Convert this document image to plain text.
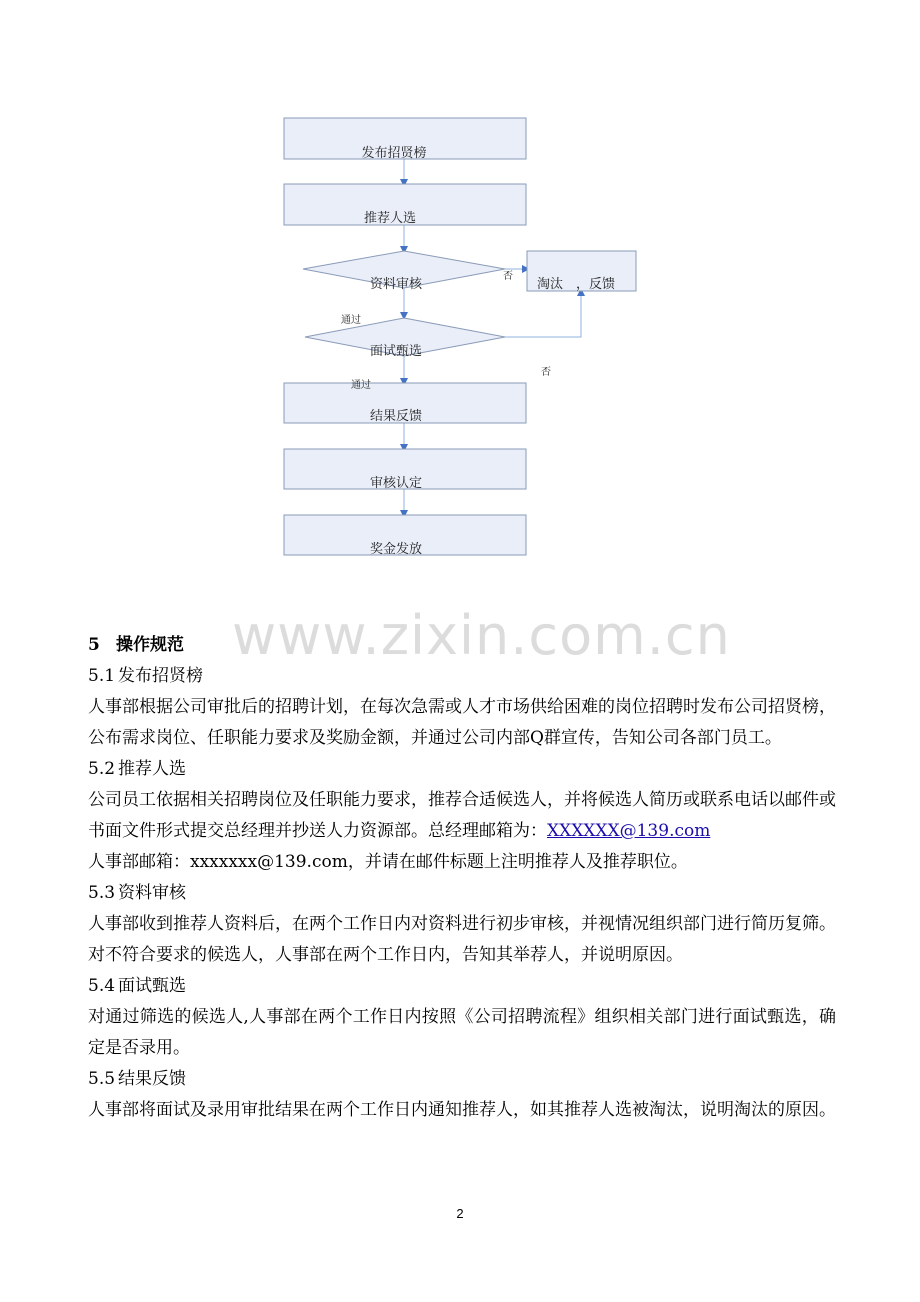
发布招贤榜
推荐人选
资料审核	淘汰　，反馈
面试甄选
结果反馈
审核认定
奖金发放
否
通过
否
通过
www.zixin.com.cn
5 操作规范
5.1 发布招贤榜
人事部根据公司审批后的招聘计划，在每次急需或人才市场供给困难的岗位招聘时发布公司招贤榜，公布需求岗位、任职能力要求及奖励金额，并通过公司内部Q群宣传，告知公司各部门员工。
5.2 推荐人选
公司员工依据相关招聘岗位及任职能力要求，推荐合适候选人，并将候选人简历或联系电话以邮件或书面文件形式提交总经理并抄送人力资源部。总经理邮箱为：XXXXXX@139.com
人事部邮箱：xxxxxxx@139.com，并请在邮件标题上注明推荐人及推荐职位。
5.3 资料审核
人事部收到推荐人资料后，在两个工作日内对资料进行初步审核，并视情况组织部门进行简历复筛。对不符合要求的候选人，人事部在两个工作日内，告知其举荐人，并说明原因。
5.4 面试甄选
对通过筛选的候选人,人事部在两个工作日内按照《公司招聘流程》组织相关部门进行面试甄选，确定是否录用。
5.5 结果反馈
人事部将面试及录用审批结果在两个工作日内通知推荐人，如其推荐人选被淘汰，说明淘汰的原因。
2
